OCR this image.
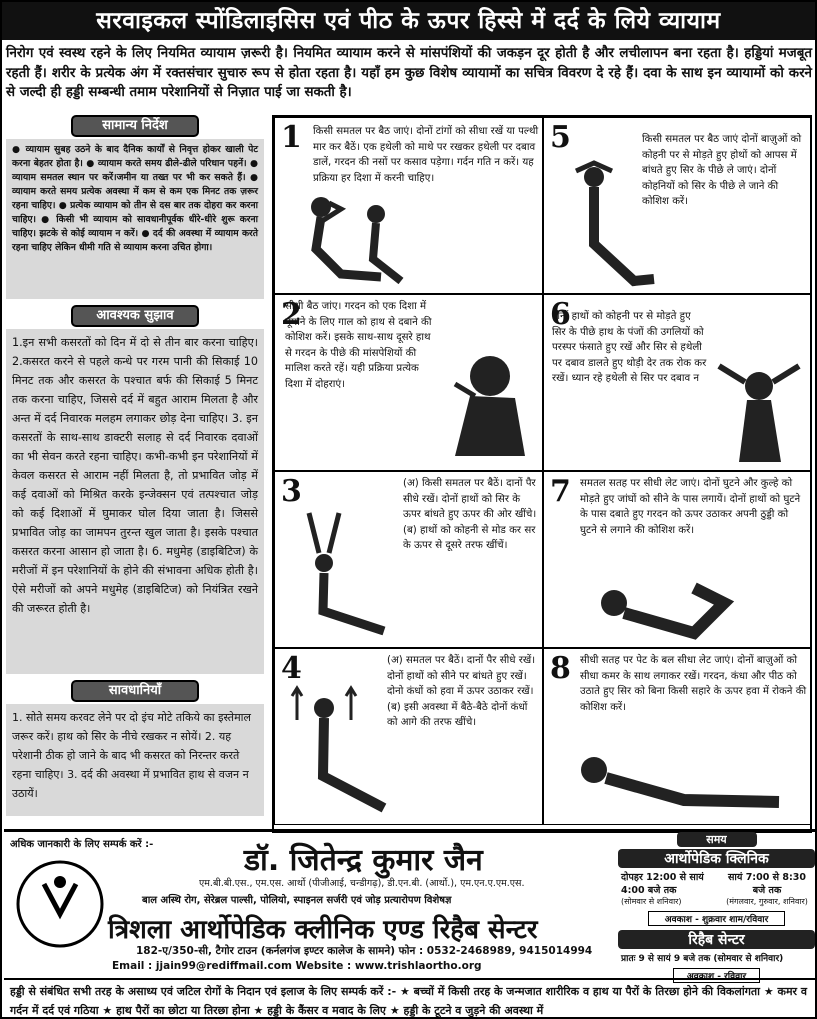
सरवाइकल स्पोंडिलाइसिस एवं पीठ के ऊपर हिस्से में दर्द के लिये व्यायाम
निरोग एवं स्वस्थ रहने के लिए नियमित व्यायाम ज़रूरी है। नियमित व्यायाम करने से मांसपंशियों की जकड़न दूर होती है और लचीलापन बना रहता है। हड्डियां मजबूत रहती हैं। शरीर के प्रत्येक अंग में रक्तसंचार सुचारु रूप से होता रहता है। यहाँ हम कुछ विशेष व्यायामों का सचित्र विवरण दे रहे हैं। दवा के साथ इन व्यायामों को करने से जल्दी ही हड्डी सम्बन्धी तमाम परेशानियों से निज़ात पाई जा सकती है।
सामान्य निर्देश
● व्यायाम सुबह उठने के बाद दैनिक कार्यों से निवृत्त होकर खाली पेट करना बेहतर होता है। ● व्यायाम करते समय ढीले-ढीले परिधान पहनें। ● व्यायाम समतल स्थान पर करें।जमीन या तख्त पर भी कर सकते हैं। ● व्यायाम करते समय प्रत्येक अवस्था में कम से कम एक मिनट तक ज़रूर रहना चाहिए। ● प्रत्येक व्यायाम को तीन से दस बार तक दोहरा कर करना चाहिए। ● किसी भी व्यायाम को सावधानीपूर्वक धीरे-धीरे शुरू करना चाहिए। झटके से कोई व्यायाम न करें। ● दर्द की अवस्था में व्यायाम करते रहना चाहिए लेकिन धीमी गति से व्यायाम करना उचित होगा।
आवश्यक सुझाव
1.इन सभी कसरतों को दिन में दो से तीन बार करना चाहिए। 2.कसरत करने से पहले कन्धे पर गरम पानी की सिकाई 10 मिनट तक और कसरत के पश्चात बर्फ की सिकाई 5 मिनट तक करना चाहिए, जिससे दर्द में बहुत आराम मिलता है और अन्त में दर्द निवारक मलहम लगाकर छोड़ देना चाहिए। 3. इन कसरतों के साथ-साथ डाक्टरी सलाह से दर्द निवारक दवाओं का भी सेवन करते रहना चाहिए। कभी-कभी इन परेशानियों में केवल कसरत से आराम नहीं मिलता है, तो प्रभावित जोड़ में कई दवाओं को मिश्रित करके इन्जेक्सन एवं तत्पश्चात जोड़ को कई दिशाओं में घुमाकर घोल दिया जाता है। जिससे प्रभावित जोड़ का जामपन तुरन्त खुल जाता है। इसके पश्चात कसरत करना आसान हो जाता है। 6. मधुमेह (डाइबिटिज) के मरीजों में इन परेशानियों के होने की संभावना अधिक होती है। ऐसे मरीजों को अपने मधुमेह (डाइबिटिज) को नियंत्रित रखने की जरूरत होती है।
सावधानियाँ
1. सोते समय करवट लेने पर दो इंच मोटे तकिये का इस्तेमाल जरूर करें। हाथ को सिर के नीचे रखकर न सोयें। 2. यह परेशानी ठीक हो जाने के बाद भी कसरत को निरन्तर करते रहना चाहिए। 3. दर्द की अवस्था में प्रभावित हाथ से वजन न उठायें।
1 किसी समतल पर बैठ जाएं। दोनों टांगों को सीधा रखें या पल्थी मार कर बैठें। एक हथेली को माथे पर रखकर हथेली पर दबाव डालें, गरदन की नसों पर कसाव पड़ेगा। गर्दन गति न करें। यह प्रक्रिया हर दिशा में करनी चाहिए।
5	किसी समतल पर बैठ जाएं दोनों बाज़ुओं को कोहनी पर से मोड़ते हुए होथों को आपस में बांधते हुए सिर के पीछे ले जाएं। दोनों कोहनियों को सिर के पीछे ले जाने की कोशिश करें।
2
सीधी बैठ जांए। गरदन को एक दिशा में घूमाने के लिए गाल को हाथ से दबाने की कोशिश करें। इसके साथ-साथ दूसरे हाथ से गरदन के पीछे की मांसपेशियों की मालिश करते रहें। यही प्रक्रिया प्रत्येक दिशा में दोहराएं।
6
दोनों हाथों को कोहनी पर से मोड़ते हुए सिर के पीछे हाथ के पंजों की उगलियों को परस्पर फंसाते हुए रखें और सिर से हथेली पर दबाव डालते हुए थोड़ी देर तक रोक कर रखें। ध्यान रहे हथेली से सिर पर दबाव न
3	(अ) किसी समतल पर बैठें। दानों पैर सीधे रखें। दोनों हाथों को सिर के ऊपर बांधते हुए ऊपर की ओर खींचे। (ब) हाथों को कोहनी से मोड कर सर के ऊपर से दूसरे तरफ खींचें।
7 समतल सतह पर सीधी लेट जाएं। दोनों घुटने और कुल्हे को मोड़ते हुए जांघों को सीने के पास लगायें। दोनों हाथों को घुटने के पास दबाते हुए गरदन को ऊपर उठाकर अपनी ठुड्डी को घुटने से लगाने की कोशिश करें।
4	(अ) समतल पर बैठें। दानों पैर सीधे रखें। दोनों हाथों को सीने पर बांधते हुए रखें। दोनो कंधों को हवा में ऊपर उठाकर रखें। (ब) इसी अवस्था में बैठे-बैठे दोनों कंधों को आगे की तरफ खींचे।
8 सीधी सतह पर पेट के बल सीधा लेट जाएं। दोनों बाज़ुओं को सीधा कमर के साथ लगाकर रखें। गरदन, कंधा और पीठ को उठाते हुए सिर को बिना किसी सहारे के ऊपर हवा में रोकने की कोशिश करें।
अधिक जानकारी के लिए सम्पर्क करें :-	डॉ. जितेन्द्र कुमार जैन
एम.बी.बी.एस., एम.एस. आर्थो (पीजीआई, चन्डीगढ़), डी.एन.बी. (आर्थो.), एम.एन.ए.एम.एस.
बाल अस्थि रोग, सेरेब्रल पाल्सी, पोलियो, स्पाइनल सर्जरी एवं जोड़ प्रत्यारोपण विशेषज्ञ
त्रिशला आर्थोपेडिक क्लीनिक एण्ड रिहैब सेन्टर
182-ए/350-सी, टैगोर टाउन (कर्नलगंज इण्टर कालेज के सामने) फोन : 0532-2468989, 9415014994
Email : jjain99@rediffmail.com Website : www.trishlaortho.org
समय
आर्थोपेडिक क्लिनिक
दोपहर 12:00 से सायं 4:00 बजे तक
(सोमवार से शनिवार)
सायं 7:00 से 8:30 बजे तक
(मंगलवार, गुरुवार, शनिवार)
अवकाश - शुक्रवार शाम/रविवार
रिहैब सेन्टर
प्रातः 9 से सायं 9 बजे तक (सोमवार से शनिवार)
अवकाश - रविवार
हड्डी से संबंधित सभी तरह के असाध्य एवं जटिल रोगों के निदान एवं इलाज के लिए सम्पर्क करें :- ★ बच्चों में किसी तरह के जन्मजात शारीरिक व हाथ या पैरों के तिरछा होने की विकलांगता ★ कमर व गर्दन में दर्द एवं गठिया ★ हाथ पैरों का छोटा या तिरछा होना ★ हड्डी के कैंसर व मवाद के लिए ★ हड्डी के टूटने व जुड़ने की अवस्था में
